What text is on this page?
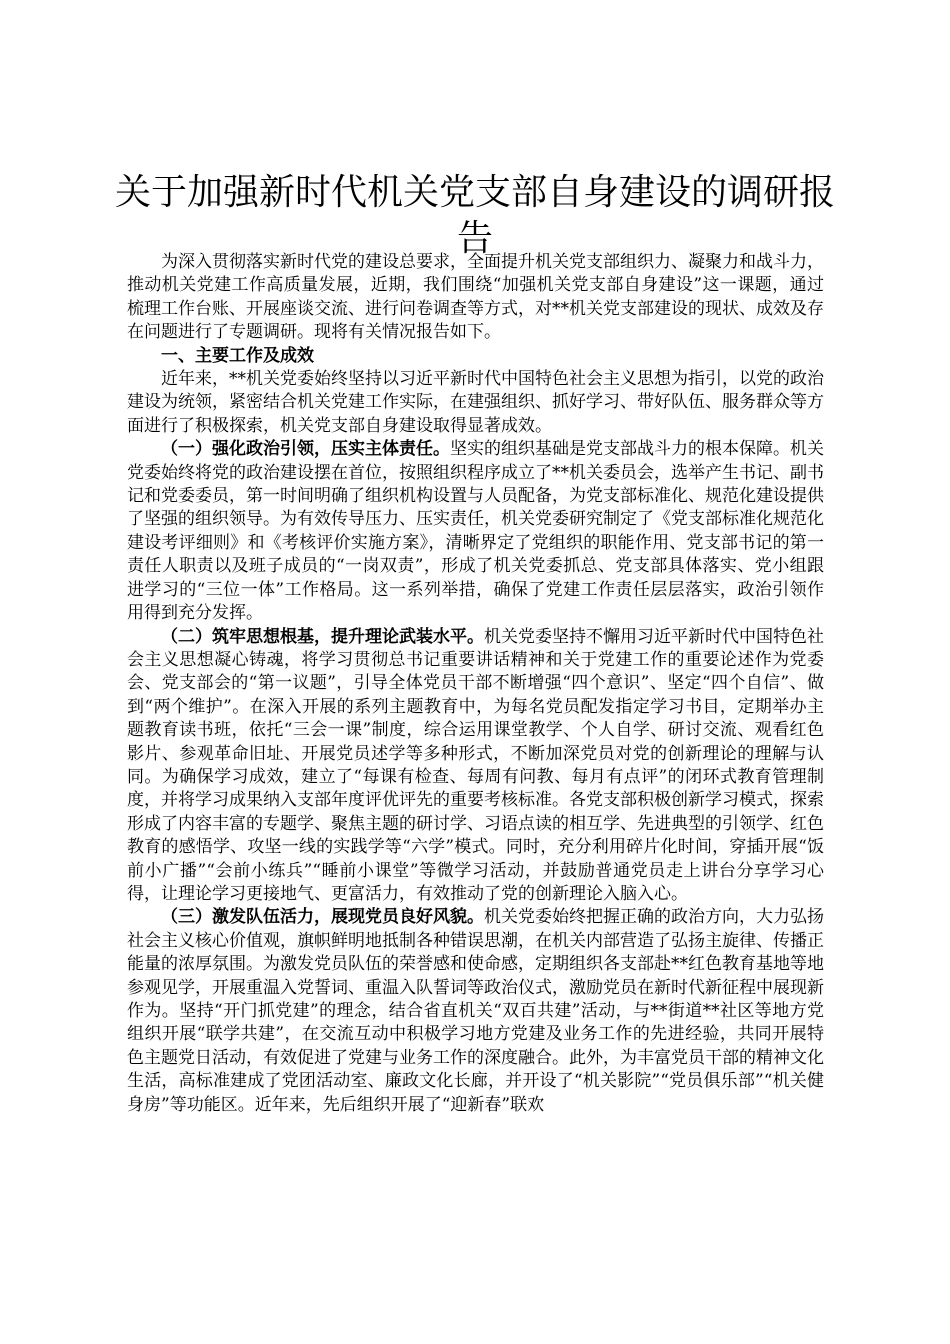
关于加强新时代机关党支部自身建设的调研报告

为深入贯彻落实新时代党的建设总要求，全面提升机关党支部组织力、凝聚力和战斗力，推动机关党建工作高质量发展，近期，我们围绕“加强机关党支部自身建设”这一课题，通过梳理工作台账、开展座谈交流、进行问卷调查等方式，对**机关党支部建设的现状、成效及存在问题进行了专题调研。现将有关情况报告如下。

一、主要工作及成效

近年来，**机关党委始终坚持以习近平新时代中国特色社会主义思想为指引，以党的政治建设为统领，紧密结合机关党建工作实际，在建强组织、抓好学习、带好队伍、服务群众等方面进行了积极探索，机关党支部自身建设取得显著成效。

（一）强化政治引领，压实主体责任。坚实的组织基础是党支部战斗力的根本保障。机关党委始终将党的政治建设摆在首位，按照组织程序成立了**机关委员会，选举产生书记、副书记和党委委员，第一时间明确了组织机构设置与人员配备，为党支部标准化、规范化建设提供了坚强的组织领导。为有效传导压力、压实责任，机关党委研究制定了《党支部标准化规范化建设考评细则》和《考核评价实施方案》，清晰界定了党组织的职能作用、党支部书记的第一责任人职责以及班子成员的“一岗双责”，形成了机关党委抓总、党支部具体落实、党小组跟进学习的“三位一体”工作格局。这一系列举措，确保了党建工作责任层层落实，政治引领作用得到充分发挥。

（二）筑牢思想根基，提升理论武装水平。机关党委坚持不懈用习近平新时代中国特色社会主义思想凝心铸魂，将学习贯彻总书记重要讲话精神和关于党建工作的重要论述作为党委会、党支部会的“第一议题”，引导全体党员干部不断增强“四个意识”、坚定“四个自信”、做到“两个维护”。在深入开展的系列主题教育中，为每名党员配发指定学习书目，定期举办主题教育读书班，依托“三会一课”制度，综合运用课堂教学、个人自学、研讨交流、观看红色影片、参观革命旧址、开展党员述学等多种形式，不断加深党员对党的创新理论的理解与认同。为确保学习成效，建立了“每课有检查、每周有问教、每月有点评”的闭环式教育管理制度，并将学习成果纳入支部年度评优评先的重要考核标准。各党支部积极创新学习模式，探索形成了内容丰富的专题学、聚焦主题的研讨学、习语点读的相互学、先进典型的引领学、红色教育的感悟学、攻坚一线的实践学等“六学”模式。同时，充分利用碎片化时间，穿插开展“饭前小广播”“会前小练兵”“睡前小课堂”等微学习活动，并鼓励普通党员走上讲台分享学习心得，让理论学习更接地气、更富活力，有效推动了党的创新理论入脑入心。

（三）激发队伍活力，展现党员良好风貌。机关党委始终把握正确的政治方向，大力弘扬社会主义核心价值观，旗帜鲜明地抵制各种错误思潮，在机关内部营造了弘扬主旋律、传播正能量的浓厚氛围。为激发党员队伍的荣誉感和使命感，定期组织各支部赴**红色教育基地等地参观见学，开展重温入党誓词、重温入队誓词等政治仪式，激励党员在新时代新征程中展现新作为。坚持“开门抓党建”的理念，结合省直机关“双百共建”活动，与**街道**社区等地方党组织开展“联学共建”，在交流互动中积极学习地方党建及业务工作的先进经验，共同开展特色主题党日活动，有效促进了党建与业务工作的深度融合。此外，为丰富党员干部的精神文化生活，高标准建成了党团活动室、廉政文化长廊，并开设了“机关影院”“党员俱乐部”“机关健身房”等功能区。近年来，先后组织开展了“迎新春”联欢
